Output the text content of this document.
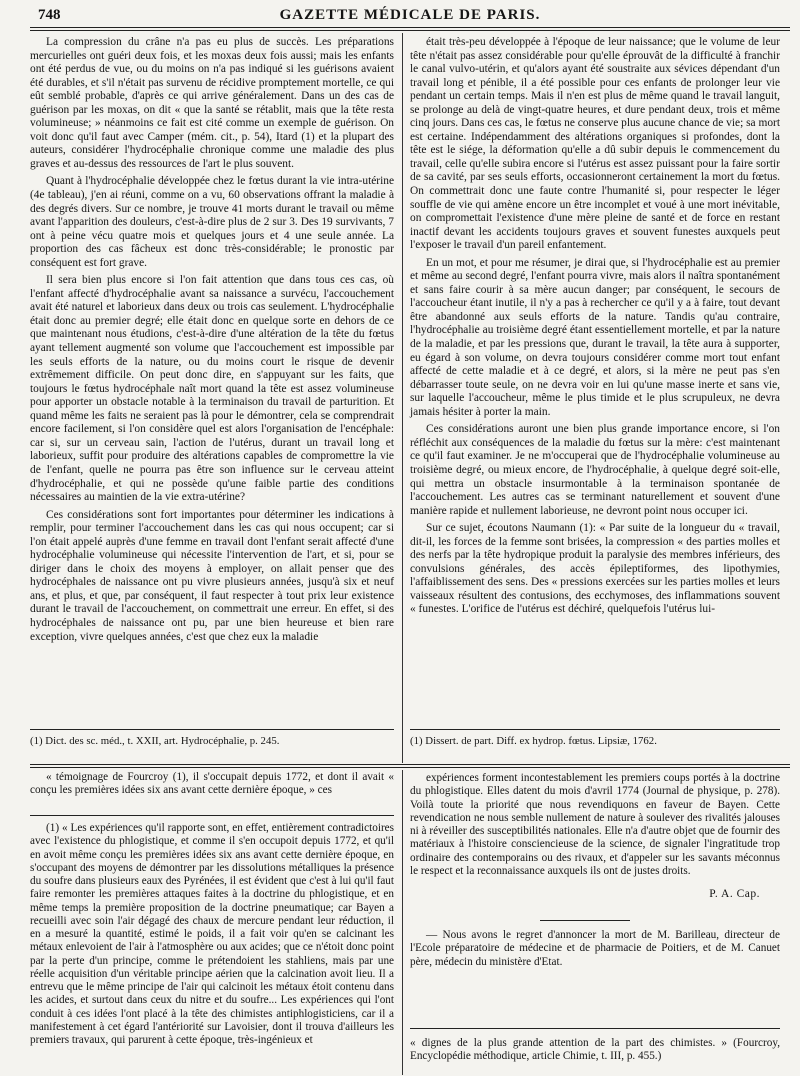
748	GAZETTE MÉDICALE DE PARIS.

La compression du crâne n'a pas eu plus de succès. Les préparations mercurielles ont guéri deux fois, et les moxas deux fois aussi; mais les enfants ont été perdus de vue, ou du moins on n'a pas indiqué si les guérisons avaient été durables, et s'il n'était pas survenu de récidive promptement mortelle, ce qui eût semblé probable, d'après ce qui arrive généralement. Dans un des cas de guérison par les moxas, on dit « que la santé se rétablit, mais que la tête resta volumineuse; » néanmoins ce fait est cité comme un exemple de guérison. On voit donc qu'il faut avec Camper (mém. cit., p. 54), Itard (1) et la plupart des auteurs, considérer l'hydrocéphalie chronique comme une maladie des plus graves et au-dessus des ressources de l'art le plus souvent.

Quant à l'hydrocéphalie développée chez le fœtus durant la vie intra-utérine (4e tableau), j'en ai réuni, comme on a vu, 60 observations offrant la maladie à des degrés divers. Sur ce nombre, je trouve 41 morts durant le travail ou même avant l'apparition des douleurs, c'est-à-dire plus de 2 sur 3. Des 19 survivants, 7 ont à peine vécu quatre mois et quelques jours et 4 une seule année. La proportion des cas fâcheux est donc très-considérable; le pronostic par conséquent est fort grave.

Il sera bien plus encore si l'on fait attention que dans tous ces cas, où l'enfant affecté d'hydrocéphalie avant sa naissance a survécu, l'accouchement avait été naturel et laborieux dans deux ou trois cas seulement. L'hydrocéphalie était donc au premier degré; elle était donc en quelque sorte en dehors de ce que maintenant nous étudions, c'est-à-dire d'une altération de la tête du fœtus ayant tellement augmenté son volume que l'accouchement est impossible par les seuls efforts de la nature, ou du moins court le risque de devenir extrêmement difficile. On peut donc dire, en s'appuyant sur les faits, que toujours le fœtus hydrocéphale naît mort quand la tête est assez volumineuse pour apporter un obstacle notable à la terminaison du travail de parturition. Et quand même les faits ne seraient pas là pour le démontrer, cela se comprendrait encore facilement, si l'on considère quel est alors l'organisation de l'encéphale: car si, sur un cerveau sain, l'action de l'utérus, durant un travail long et laborieux, suffit pour produire des altérations capables de compromettre la vie de l'enfant, quelle ne pourra pas être son influence sur le cerveau atteint d'hydrocéphalie, et qui ne possède qu'une faible partie des conditions nécessaires au maintien de la vie extra-utérine?

Ces considérations sont fort importantes pour déterminer les indications à remplir, pour terminer l'accouchement dans les cas qui nous occupent; car si l'on était appelé auprès d'une femme en travail dont l'enfant serait affecté d'une hydrocéphalie volumineuse qui nécessite l'intervention de l'art, et si, pour se diriger dans le choix des moyens à employer, on allait penser que des hydrocéphales de naissance ont pu vivre plusieurs années, jusqu'à six et neuf ans, et plus, et que, par conséquent, il faut respecter à tout prix leur existence durant le travail de l'accouchement, on commettrait une erreur. En effet, si des hydrocéphales de naissance ont pu, par une bien heureuse et bien rare exception, vivre quelques années, c'est que chez eux la maladie

était très-peu développée à l'époque de leur naissance; que le volume de leur tête n'était pas assez considérable pour qu'elle éprouvât de la difficulté à franchir le canal vulvo-utérin, et qu'alors ayant été soustraite aux sévices dépendant d'un travail long et pénible, il a été possible pour ces enfants de prolonger leur vie pendant un certain temps. Mais il n'en est plus de même quand le travail languit, se prolonge au delà de vingt-quatre heures, et dure pendant deux, trois et même cinq jours. Dans ces cas, le fœtus ne conserve plus aucune chance de vie; sa mort est certaine. Indépendamment des altérations organiques si profondes, dont la tête est le siége, la déformation qu'elle a dû subir depuis le commencement du travail, celle qu'elle subira encore si l'utérus est assez puissant pour la faire sortir de sa cavité, par ses seuls efforts, occasionneront certainement la mort du fœtus. On commettrait donc une faute contre l'humanité si, pour respecter le léger souffle de vie qui amène encore un être incomplet et voué à une mort inévitable, on compromettait l'existence d'une mère pleine de santé et de force en restant inactif devant les accidents toujours graves et souvent funestes auxquels peut l'exposer le travail d'un pareil enfantement.

En un mot, et pour me résumer, je dirai que, si l'hydrocéphalie est au premier et même au second degré, l'enfant pourra vivre, mais alors il naîtra spontanément et sans faire courir à sa mère aucun danger; par conséquent, le secours de l'accoucheur étant inutile, il n'y a pas à rechercher ce qu'il y a à faire, tout devant être abandonné aux seuls efforts de la nature. Tandis qu'au contraire, l'hydrocéphalie au troisième degré étant essentiellement mortelle, et par la nature de la maladie, et par les pressions que, durant le travail, la tête aura à supporter, eu égard à son volume, on devra toujours considérer comme mort tout enfant affecté de cette maladie et à ce degré, et alors, si la mère ne peut pas s'en débarrasser toute seule, on ne devra voir en lui qu'une masse inerte et sans vie, sur laquelle l'accoucheur, même le plus timide et le plus scrupuleux, ne devra jamais hésiter à porter la main.

Ces considérations auront une bien plus grande importance encore, si l'on réfléchit aux conséquences de la maladie du fœtus sur la mère: c'est maintenant ce qu'il faut examiner. Je ne m'occuperai que de l'hydrocéphalie volumineuse au troisième degré, ou mieux encore, de l'hydrocéphalie, à quelque degré soit-elle, qui mettra un obstacle insurmontable à la terminaison spontanée de l'accouchement. Les autres cas se terminant naturellement et souvent d'une manière rapide et nullement laborieuse, ne devront point nous occuper ici.

Sur ce sujet, écoutons Naumann (1): « Par suite de la longueur du « travail, dit-il, les forces de la femme sont brisées, la compression « des parties molles et des nerfs par la tête hydropique produit la paralysie des membres inférieurs, des convulsions générales, des accès épileptiformes, des lipothymies, l'affaiblissement des sens. Des « pressions exercées sur les parties molles et leurs vaisseaux résultent des contusions, des ecchymoses, des inflammations souvent « funestes. L'orifice de l'utérus est déchiré, quelquefois l'utérus lui-

(1) Dict. des sc. méd., t. XXII, art. Hydrocéphalie, p. 245.	(1) Dissert. de part. Diff. ex hydrop. fœtus. Lipsiæ, 1762.

« témoignage de Fourcroy (1), il s'occupait depuis 1772, et dont il avait « conçu les premières idées six ans avant cette dernière époque, » ces

(1) « Les expériences qu'il rapporte sont, en effet, entièrement contradictoires avec l'existence du phlogistique, et comme il s'en occupoit depuis 1772, et qu'il en avoit même conçu les premières idées six ans avant cette dernière époque, en s'occupant des moyens de démontrer par les dissolutions métalliques la présence du soufre dans plusieurs eaux des Pyrénées, il est évident que c'est à lui qu'il faut faire remonter les premières attaques faites à la doctrine du phlogistique, et en même temps la première proposition de la doctrine pneumatique; car Bayen a recueilli avec soin l'air dégagé des chaux de mercure pendant leur réduction, il en a mesuré la quantité, estimé le poids, il a fait voir qu'en se calcinant les métaux enlevoient de l'air à l'atmosphère ou aux acides; que ce n'étoit donc point par la perte d'un principe, comme le prétendoient les stahliens, mais par une réelle acquisition d'un véritable principe aérien que la calcination avoit lieu. Il a entrevu que le même principe de l'air qui calcinoit les métaux étoit contenu dans les acides, et surtout dans ceux du nitre et du soufre... Les expériences qui l'ont conduit à ces idées l'ont placé à la tête des chimistes antiphlogisticiens, car il a manifestement à cet égard l'antériorité sur Lavoisier, dont il trouva d'ailleurs les premiers travaux, qui parurent à cette époque, très-ingénieux et

expériences forment incontestablement les premiers coups portés à la doctrine du phlogistique. Elles datent du mois d'avril 1774 (Journal de physique, p. 278). Voilà toute la priorité que nous revendiquons en faveur de Bayen. Cette revendication ne nous semble nullement de nature à soulever des rivalités jalouses ni à réveiller des susceptibilités nationales. Elle n'a d'autre objet que de fournir des matériaux à l'histoire consciencieuse de la science, de signaler l'ingratitude trop ordinaire des contemporains ou des rivaux, et d'appeler sur les savants méconnus le respect et la reconnaissance auxquels ils ont de justes droits.

P. A. Cap.

— Nous avons le regret d'annoncer la mort de M. Barilleau, directeur de l'Ecole préparatoire de médecine et de pharmacie de Poitiers, et de M. Canuet père, médecin du ministère d'Etat.

« dignes de la plus grande attention de la part des chimistes. » (Fourcroy, Encyclopédie méthodique, article Chimie, t. III, p. 455.)
